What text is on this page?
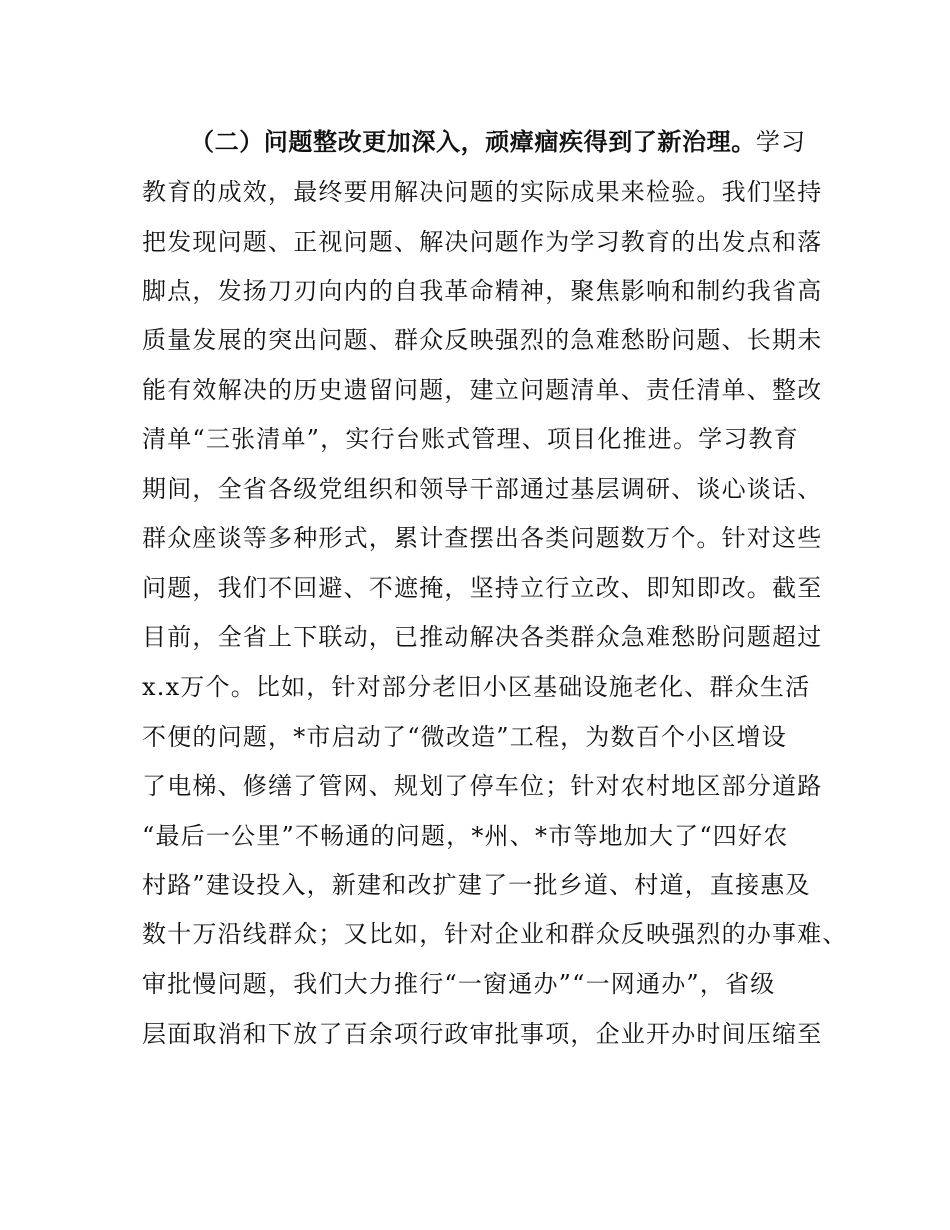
（二）问题整改更加深入，顽瘴痼疾得到了新治理。学习
教育的成效，最终要用解决问题的实际成果来检验。我们坚持
把发现问题、正视问题、解决问题作为学习教育的出发点和落
脚点，发扬刀刃向内的自我革命精神，聚焦影响和制约我省高
质量发展的突出问题、群众反映强烈的急难愁盼问题、长期未
能有效解决的历史遗留问题，建立问题清单、责任清单、整改
清单“三张清单”，实行台账式管理、项目化推进。学习教育
期间，全省各级党组织和领导干部通过基层调研、谈心谈话、
群众座谈等多种形式，累计查摆出各类问题数万个。针对这些
问题，我们不回避、不遮掩，坚持立行立改、即知即改。截至
目前，全省上下联动，已推动解决各类群众急难愁盼问题超过
x.x万个。比如，针对部分老旧小区基础设施老化、群众生活
不便的问题，*市启动了“微改造”工程，为数百个小区增设
了电梯、修缮了管网、规划了停车位；针对农村地区部分道路
“最后一公里”不畅通的问题，*州、*市等地加大了“四好农
村路”建设投入，新建和改扩建了一批乡道、村道，直接惠及
数十万沿线群众；又比如，针对企业和群众反映强烈的办事难、
审批慢问题，我们大力推行“一窗通办”“一网通办”，省级
层面取消和下放了百余项行政审批事项，企业开办时间压缩至
